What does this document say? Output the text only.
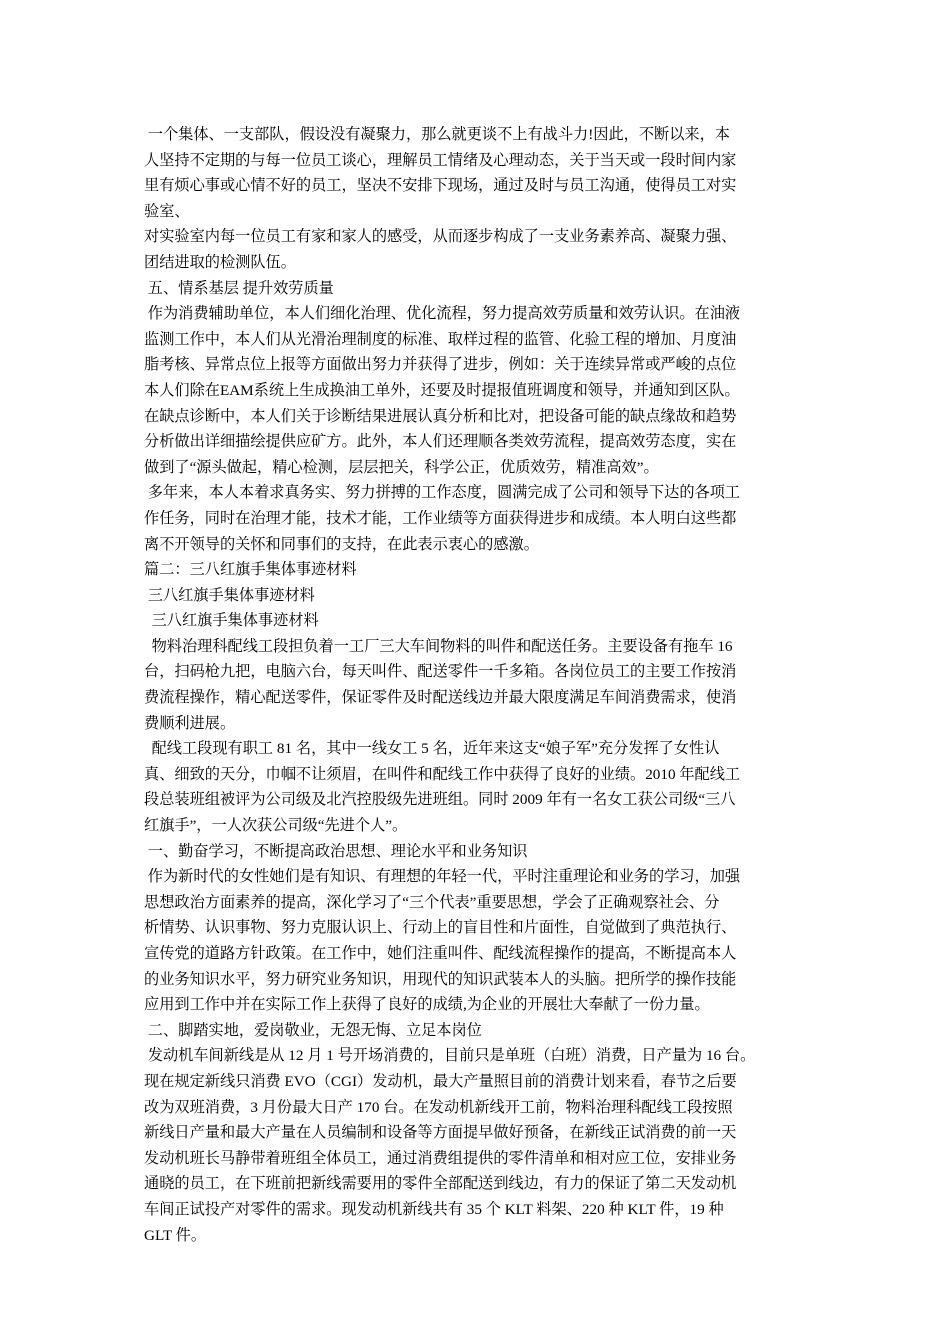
一个集体、一支部队，假设没有凝聚力，那么就更谈不上有战斗力!因此，不断以来，本
人坚持不定期的与每一位员工谈心，理解员工情绪及心理动态，关于当天或一段时间内家
里有烦心事或心情不好的员工，坚决不安排下现场，通过及时与员工沟通，使得员工对实
验室、
对实验室内每一位员工有家和家人的感受，从而逐步构成了一支业务素养高、凝聚力强、
团结进取的检测队伍。
五、情系基层 提升效劳质量
作为消费辅助单位，本人们细化治理、优化流程，努力提高效劳质量和效劳认识。在油液
监测工作中，本人们从光滑治理制度的标准、取样过程的监管、化验工程的增加、月度油
脂考核、异常点位上报等方面做出努力并获得了进步，例如：关于连续异常或严峻的点位
本人们除在EAM系统上生成换油工单外，还要及时提报值班调度和领导，并通知到区队。
在缺点诊断中，本人们关于诊断结果进展认真分析和比对，把设备可能的缺点缘故和趋势
分析做出详细描绘提供应矿方。此外，本人们还理顺各类效劳流程，提高效劳态度，实在
做到了“源头做起，精心检测，层层把关，科学公正，优质效劳，精准高效”。
多年来，本人本着求真务实、努力拼搏的工作态度，圆满完成了公司和领导下达的各项工
作任务，同时在治理才能，技术才能，工作业绩等方面获得进步和成绩。本人明白这些都
离不开领导的关怀和同事们的支持，在此表示衷心的感激。
篇二：三八红旗手集体事迹材料
三八红旗手集体事迹材料
三八红旗手集体事迹材料
物料治理科配线工段担负着一工厂三大车间物料的叫件和配送任务。主要设备有拖车 16
台，扫码枪九把，电脑六台，每天叫件、配送零件一千多箱。各岗位员工的主要工作按消
费流程操作，精心配送零件，保证零件及时配送线边并最大限度满足车间消费需求，使消
费顺利进展。
配线工段现有职工 81 名，其中一线女工 5 名，近年来这支“娘子军”充分发挥了女性认
真、细致的天分，巾帼不让须眉，在叫件和配线工作中获得了良好的业绩。2010 年配线工
段总装班组被评为公司级及北汽控股级先进班组。同时 2009 年有一名女工获公司级“三八
红旗手”，一人次获公司级“先进个人”。
一、勤奋学习，不断提高政治思想、理论水平和业务知识
作为新时代的女性她们是有知识、有理想的年轻一代，平时注重理论和业务的学习，加强
思想政治方面素养的提高，深化学习了“三个代表”重要思想，学会了正确观察社会、分
析情势、认识事物、努力克服认识上、行动上的盲目性和片面性，自觉做到了典范执行、
宣传党的道路方针政策。在工作中，她们注重叫件、配线流程操作的提高，不断提高本人
的业务知识水平，努力研究业务知识，用现代的知识武装本人的头脑。把所学的操作技能
应用到工作中并在实际工作上获得了良好的成绩,为企业的开展壮大奉献了一份力量。
二、脚踏实地，爱岗敬业，无怨无悔、立足本岗位
发动机车间新线是从 12 月 1 号开场消费的，目前只是单班（白班）消费，日产量为 16 台。
现在规定新线只消费 EVO（CGI）发动机，最大产量照目前的消费计划来看，春节之后要
改为双班消费，3 月份最大日产 170 台。在发动机新线开工前，物料治理科配线工段按照
新线日产量和最大产量在人员编制和设备等方面提早做好预备，在新线正试消费的前一天
发动机班长马静带着班组全体员工，通过消费组提供的零件清单和相对应工位，安排业务
通晓的员工，在下班前把新线需要用的零件全部配送到线边，有力的保证了第二天发动机
车间正试投产对零件的需求。现发动机新线共有 35 个 KLT 料架、220 种 KLT 件，19 种
GLT 件。
